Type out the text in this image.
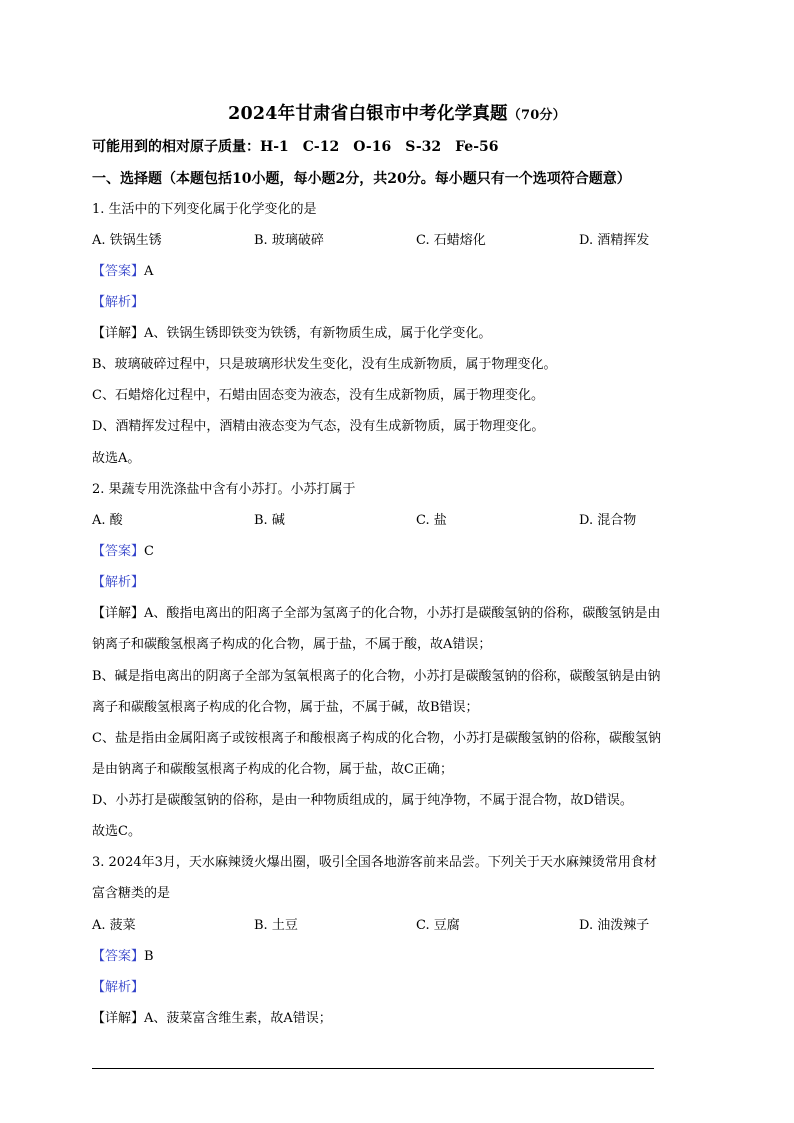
2024年甘肃省白银市中考化学真题（70分）
可能用到的相对原子质量：H-1　C-12　O-16　S-32　Fe-56
一、选择题（本题包括10小题，每小题2分，共20分。每小题只有一个选项符合题意）
1. 生活中的下列变化属于化学变化的是
A. 铁锅生锈	B. 玻璃破碎	C. 石蜡熔化	D. 酒精挥发
【答案】A
【解析】
【详解】A、铁锅生锈即铁变为铁锈，有新物质生成，属于化学变化。
B、玻璃破碎过程中，只是玻璃形状发生变化，没有生成新物质，属于物理变化。
C、石蜡熔化过程中，石蜡由固态变为液态，没有生成新物质，属于物理变化。
D、酒精挥发过程中，酒精由液态变为气态，没有生成新物质，属于物理变化。
故选A。
2. 果蔬专用洗涤盐中含有小苏打。小苏打属于
A. 酸	B. 碱	C. 盐	D. 混合物
【答案】C
【解析】
【详解】A、酸指电离出的阳离子全部为氢离子的化合物，小苏打是碳酸氢钠的俗称，碳酸氢钠是由
钠离子和碳酸氢根离子构成的化合物，属于盐，不属于酸，故A错误；
B、碱是指电离出的阴离子全部为氢氧根离子的化合物，小苏打是碳酸氢钠的俗称，碳酸氢钠是由钠
离子和碳酸氢根离子构成的化合物，属于盐，不属于碱，故B错误；
C、盐是指由金属阳离子或铵根离子和酸根离子构成的化合物，小苏打是碳酸氢钠的俗称，碳酸氢钠
是由钠离子和碳酸氢根离子构成的化合物，属于盐，故C正确；
D、小苏打是碳酸氢钠的俗称，是由一种物质组成的，属于纯净物，不属于混合物，故D错误。
故选C。
3. 2024年3月，天水麻辣烫火爆出圈，吸引全国各地游客前来品尝。下列关于天水麻辣烫常用食材
富含糖类的是
A. 菠菜	B. 土豆	C. 豆腐	D. 油泼辣子
【答案】B
【解析】
【详解】A、菠菜富含维生素，故A错误；
